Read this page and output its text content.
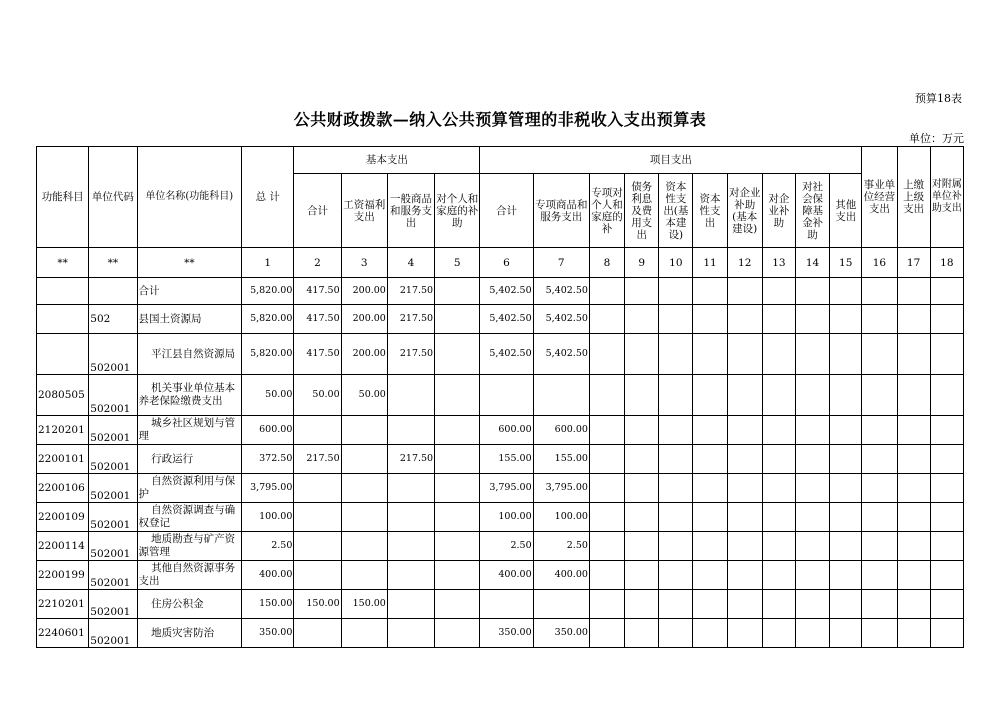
预算18表
公共财政拨款—纳入公共预算管理的非税收入支出预算表
单位：万元
功能科目	单位代码	单位名称(功能科目)	总 计	基本支出				项目支出										事业单位经营支出	上缴上级支出	对附属单位补助支出
				合计	工资福利支出	一般商品和服务支出	对个人和家庭的补助	合计	专项商品和服务支出	专项对个人和家庭的补	债务利息及费用支出	资本性支出(基本建设)	资本性支出	对企业补助(基本建设)	对企业补助	对社会保障基金补助	其他支出			
**	**	**	1	2	3	4	5	6	7	8	9	10	11	12	13	14	15	16	17	18
		合计	5,820.00	417.50	200.00	217.50		5,402.50	5,402.50											
	502	县国土资源局	5,820.00	417.50	200.00	217.50		5,402.50	5,402.50											
	502001	平江县自然资源局	5,820.00	417.50	200.00	217.50		5,402.50	5,402.50											
2080505	502001	机关事业单位基本养老保险缴费支出	50.00	50.00	50.00															
2120201	502001	城乡社区规划与管理	600.00					600.00	600.00											
2200101	502001	行政运行	372.50	217.50		217.50		155.00	155.00											
2200106	502001	自然资源利用与保护	3,795.00					3,795.00	3,795.00											
2200109	502001	自然资源调查与确权登记	100.00					100.00	100.00											
2200114	502001	地质勘查与矿产资源管理	2.50					2.50	2.50											
2200199	502001	其他自然资源事务支出	400.00					400.00	400.00											
2210201	502001	住房公积金	150.00	150.00	150.00															
2240601	502001	地质灾害防治	350.00					350.00	350.00											
